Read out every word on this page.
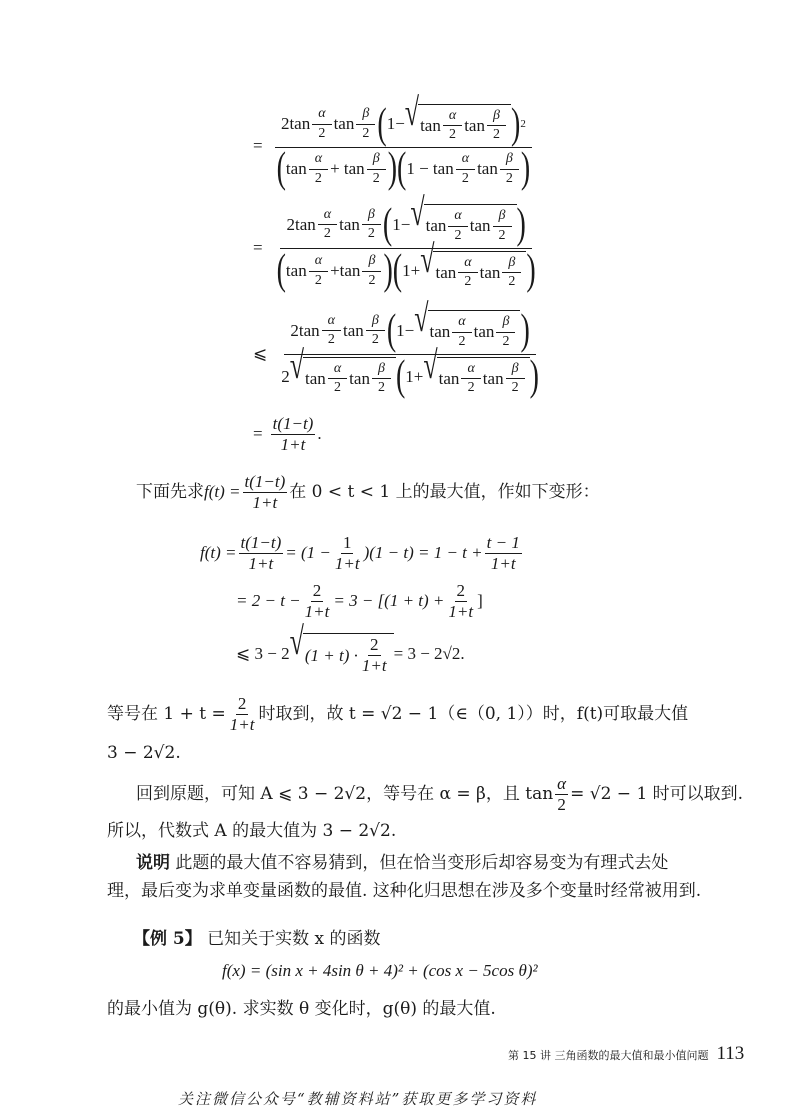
=
2 $\tan \frac{\alpha}{2}$ $\tan \frac{\beta}{2}$ ( 1− √ $\tan \frac{\alpha}{2}$ $\tan \frac{\beta}{2}$ ) 2
( $\tan \frac{\alpha}{2}$ +
$\tan \frac{\beta}{2}$ ) ( $1 - \tan \frac{\alpha}{2}$ $\tan \frac{\beta}{2}$ )
=
2 $\tan \frac{\alpha}{2}$ $\tan \frac{\beta}{2}$ ( 1− √ $\tan \frac{\alpha}{2}$ $\tan \frac{\beta}{2}$ )
( $\tan \frac{\alpha}{2} + \tan \frac{\beta}{2}$ ) ( 1+ √ $\tan \frac{\alpha}{2}$ $\tan \frac{\beta}{2}$ )
⩽
2 $\tan \frac{\alpha}{2}$ $\tan \frac{\beta}{2}$ ( 1− √ $\tan \frac{\alpha}{2}$ $\tan \frac{\beta}{2}$ )
2 √ $\tan \frac{\alpha}{2}$ $\tan \frac{\beta}{2}$ ( 1+ √ $\tan \frac{\alpha}{2}$ $\tan \frac{\beta}{2}$ )
= $\frac{t(1-t)}{1+t}$ .
下面先求 $f(t) = \frac{t(1-t)}{1+t}$ 在 0 < t < 1 上的最大值，作如下变形：
$f(t) = \frac{t(1-t)}{1+t} = (1 - \frac{1}{1+t} )(1 - t) = 1 - t + \frac{t - 1}{1+t}$
= $2 - t - \frac{2}{1+t} = 3 - [(1 + t) + \frac{2}{1+t}$ ]
⩽ 3 − 2 √ $(1 + t) \cdot \frac{2}{1+t} = 3 - 2√2$.
等号在 $1 + t = \frac{2}{1+t}$ 时取到，故 t = √2 − 1（∈（0, 1））时，f(t)可取最大值
3 − 2√2.
回到原题，可知 A ⩽ 3 − 2√2，等号在 α = β，且 $\tan \frac{\alpha}{2} = √2 - 1$ 时可以取到.
所以，代数式 A 的最大值为 3 − 2√2.
说明 此题的最大值不容易猜到，但在恰当变形后却容易变为有理式去处
理，最后变为求单变量函数的最值. 这种化归思想在涉及多个变量时经常被用到.
【例 5】 已知关于实数 x 的函数
f(x) = (sin x + 4sin θ + 4)² + (cos x − 5cos θ)²
的最小值为 g(θ). 求实数 θ 变化时，g(θ) 的最大值.
第 15 讲 三角函数的最大值和最小值问题 113
关注微信公众号“教辅资料站”获取更多学习资料
